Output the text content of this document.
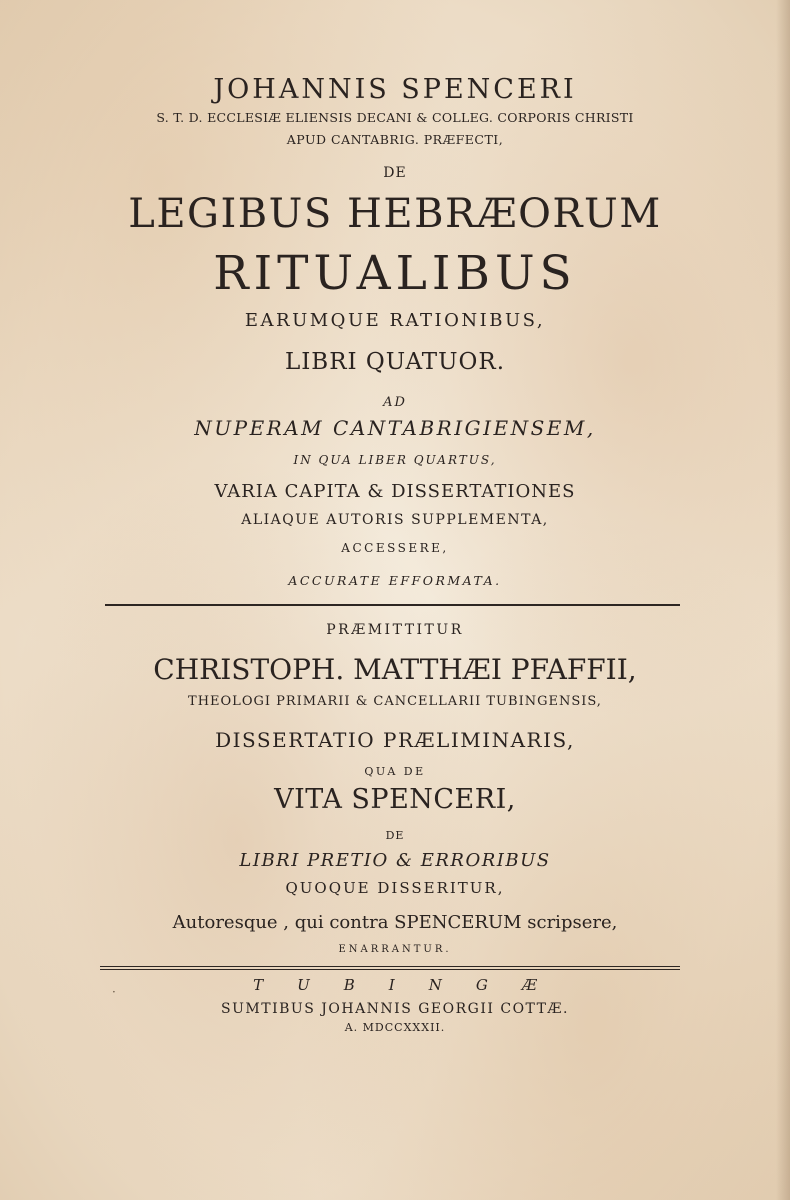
JOHANNIS SPENCERI
S. T. D. ECCLESIÆ ELIENSIS DECANI & COLLEG. CORPORIS CHRISTI
APUD CANTABRIG. PRÆFECTI,
DE
LEGIBUS HEBRÆORUM
RITUALIBUS
EARUMQUE RATIONIBUS,
LIBRI QUATUOR.
AD
NUPERAM CANTABRIGIENSEM,
IN QUA LIBER QUARTUS,
VARIA CAPITA & DISSERTATIONES
ALIAQUE AUTORIS SUPPLEMENTA,
ACCESSERE,
ACCURATE EFFORMATA.
PRÆMITTITUR
CHRISTOPH. MATTHÆI PFAFFII,
THEOLOGI PRIMARII & CANCELLARII TUBINGENSIS,
DISSERTATIO PRÆLIMINARIS,
QUA DE
VITA SPENCERI,
DE
LIBRI PRETIO & ERRORIBUS
QUOQUE DISSERITUR,
Autoresque , qui contra SPENCERUM scripsere,
ENARRANTUR.
·	TUBINGÆ
SUMTIBUS JOHANNIS GEORGII COTTÆ.
A. MDCCXXXII.
